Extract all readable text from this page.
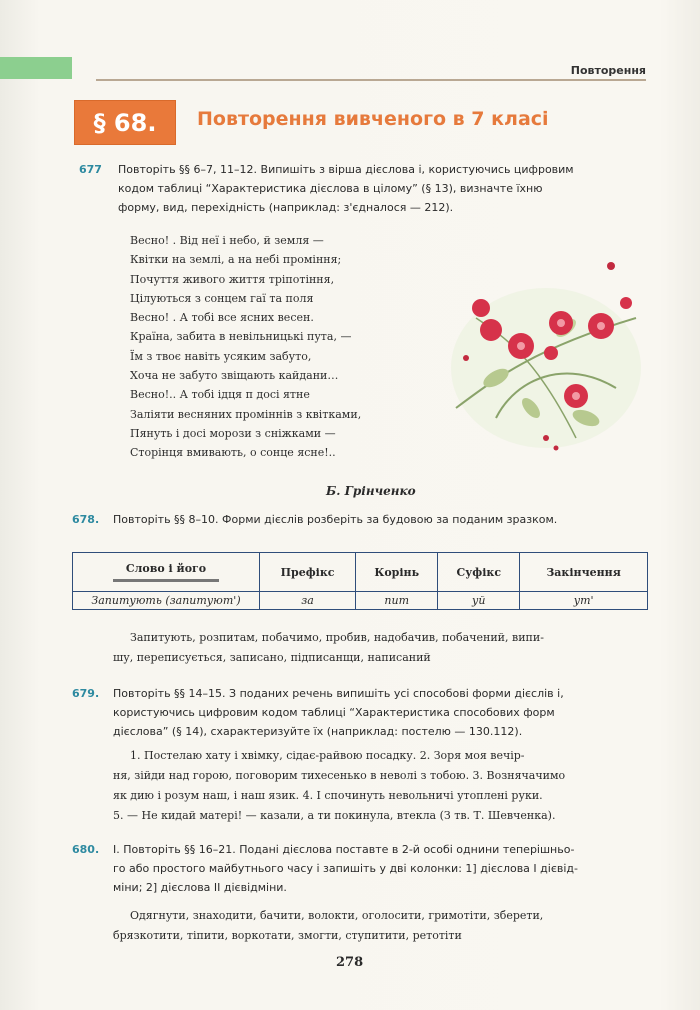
Повторення
§ 68.	Повторення вивченого в 7 класі
677 Повторіть §§ 6–7, 11–12. Випишіть з вірша дієслова і, користуючись цифровим
кодом таблиці “Характеристика дієслова в цілому” (§ 13), визначте їхню
форму, вид, перехідність (наприклад: з'єдналося — 212).
Весно! . Від неї і небо, й земля —
Квітки на землі, а на небі проміння;
Почуття живого життя тріпотіння,
Цілуються з сонцем гаї та поля
Весно! . А тобі все ясних весен.
Країна, забита в невільницькі пута, —
Їм з твоє навіть усяким забуто,
Хоча не забуто звіщають кайдани…
Весно!.. А тобі ідця п досі ятне
Заліяти весняних проміннів з квітками,
Пянуть і досі морози з сніжками —
Сторінця вмивають, о сонце ясне!..
Б. Грінченко
678. Повторіть §§ 8–10. Форми дієслів розберіть за будовою за поданим зразком.
Слово і його	Префікс	Корінь	Суфікс	Закінчення
Запитують (запитуют')	за	пит	уй	ут'
Запитують, розпитам, побачимо, пробив, надобачив, побачений, випи-
шу, переписується, записано, підписанщи, написаний
679. Повторіть §§ 14–15. З поданих речень випишіть усі способові форми дієслів і,
користуючись цифровим кодом таблиці “Характеристика способових форм
дієслова” (§ 14), схарактеризуйте їх (наприклад: постелю — 130.112).
1. Постелаю хату і хвімку, сідає-райвою посадку. 2. Зоря моя вечір-
ня, зійди над горою, поговорим тихесенько в неволі з тобою. 3. Вознячачимо
як дию і розум наш, і наш язик. 4. І спочинуть невольничі утоплені руки.
5. — Не кидай матері! — казали, а ти покинула, втекла (З тв. Т. Шевченка).
680. І. Повторіть §§ 16–21. Подані дієслова поставте в 2-й особі однини теперішньо-
го або простого майбутнього часу і запишіть у дві колонки: 1] дієслова І дієвід-
міни; 2] дієслова ІІ дієвідміни.
Одягнути, знаходити, бачити, волокти, оголосити, гримотіти, зберети,
брязкотити, тіпити, воркотати, змогти, ступитити, ретотіти
278
